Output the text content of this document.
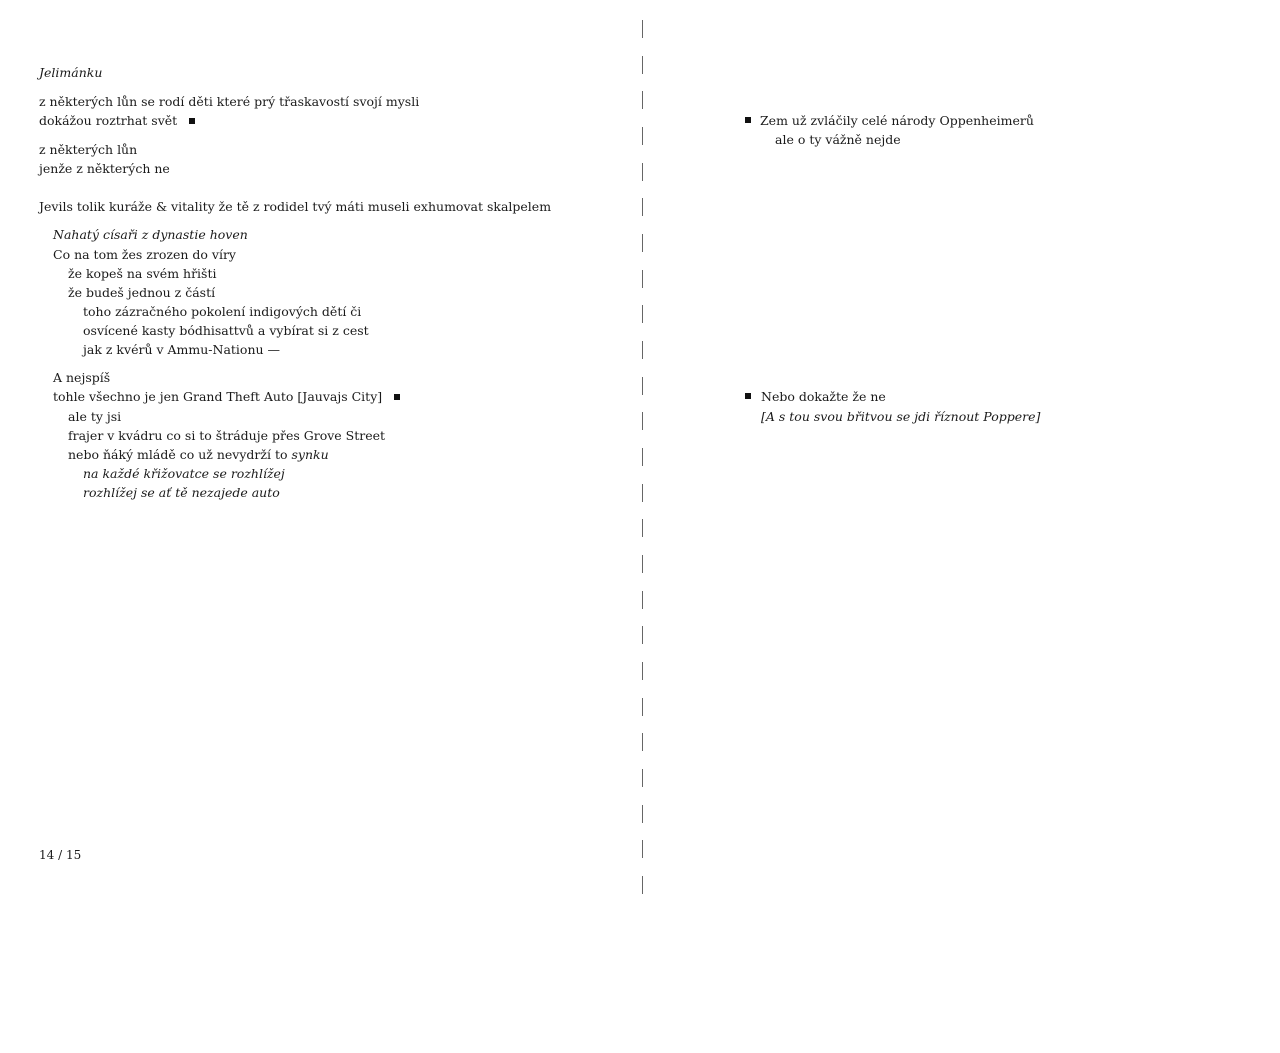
Jelimánku
z některých lůn se rodí děti které prý třaskavostí svojí mysli
dokážou roztrhat svět
z některých lůn
jenže z některých ne
Jevils tolik kuráže & vitality že tě z rodidel tvý máti museli exhumovat skalpelem
Nahatý císaři z dynastie hoven
Co na tom žes zrozen do víry
že kopeš na svém hřišti
že budeš jednou z částí
toho zázračného pokolení indigových dětí či
osvícené kasty bódhisattvů a vybírat si z cest
jak z kvérů v Ammu-Nationu —
A nejspíš
tohle všechno je jen Grand Theft Auto [Jauvajs City]
ale ty jsi
frajer v kvádru co si to štráduje přes Grove Street
nebo ňáký mládě co už nevydrží to synku
na každé křižovatce se rozhlížej
rozhlížej se ať tě nezajede auto
14 / 15
Zem už zvláčily celé národy Oppenheimerů
ale o ty vážně nejde
Nebo dokažte že ne
[A s tou svou břitvou se jdi říznout Poppere]
